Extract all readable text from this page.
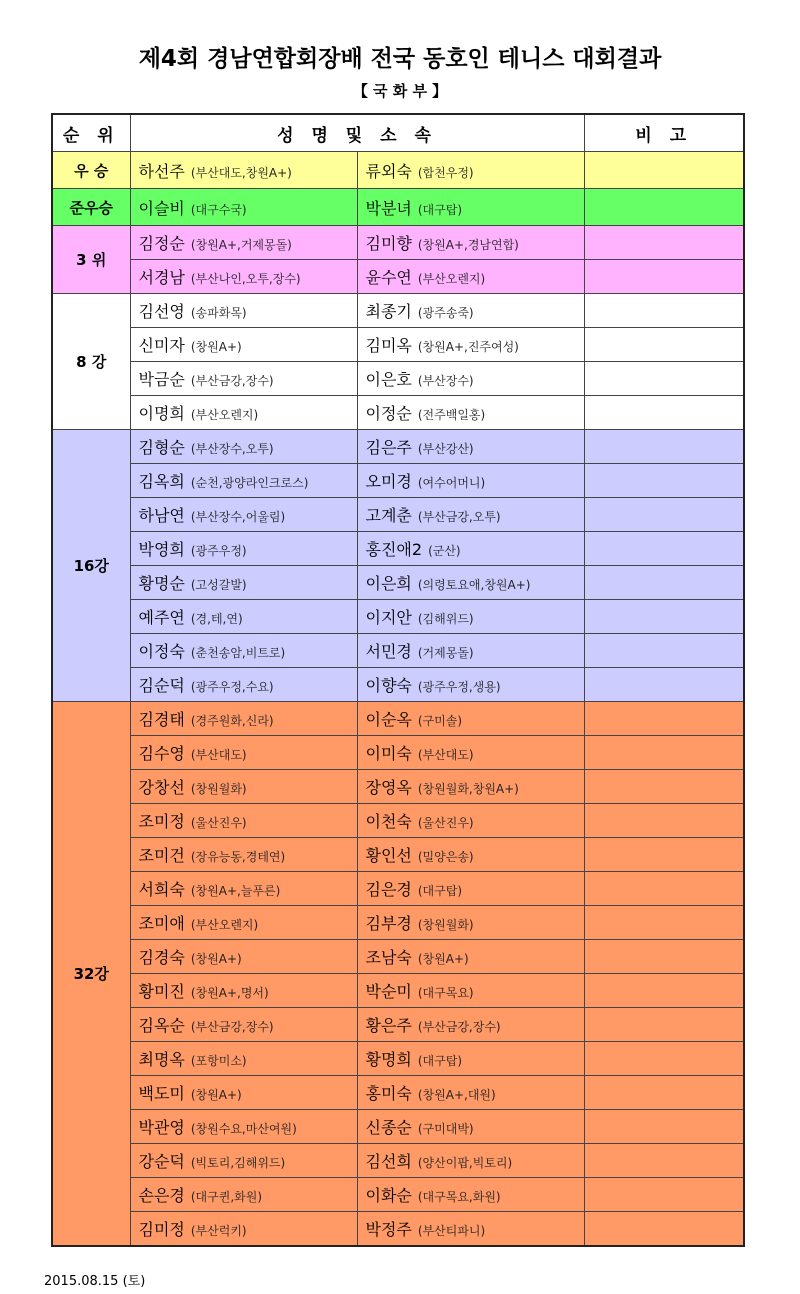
제4회 경남연합회장배 전국 동호인 테니스 대회결과
【 국 화 부 】
순 위	성 명 및 소 속		비 고
우 승	하선주 (부산대도,창원A+)	류외숙 (합천우정)	
준우승	이슬비 (대구수국)	박분녀 (대구탑)	
3 위	김정순 (창원A+,거제몽돌)	김미향 (창원A+,경남연합)	
	서경남 (부산나인,오투,장수)	윤수연 (부산오렌지)	
8 강	김선영 (송파화목)	최종기 (광주송죽)	
	신미자 (창원A+)	김미옥 (창원A+,진주여성)	
	박금순 (부산금강,장수)	이은호 (부산장수)	
	이명희 (부산오렌지)	이정순 (전주백일홍)	
16강	김형순 (부산장수,오투)	김은주 (부산강산)	
	김옥희 (순천,광양라인크로스)	오미경 (여수어머니)	
	하남연 (부산장수,어울림)	고계춘 (부산금강,오투)	
	박영희 (광주우정)	홍진애2 (군산)	
	황명순 (고성갈발)	이은희 (의령토요애,창원A+)	
	예주연 (경,테,연)	이지안 (김해위드)	
	이정숙 (춘천송암,비트로)	서민경 (거제몽돌)	
	김순덕 (광주우정,수요)	이향숙 (광주우정,생용)	
32강	김경태 (경주원화,신라)	이순옥 (구미솔)	
	김수영 (부산대도)	이미숙 (부산대도)	
	강창선 (창원월화)	장영옥 (창원월화,창원A+)	
	조미정 (울산진우)	이천숙 (울산진우)	
	조미건 (장유능동,경테연)	황인선 (밀양은송)	
	서희숙 (창원A+,늘푸른)	김은경 (대구탑)	
	조미애 (부산오렌지)	김부경 (창원월화)	
	김경숙 (창원A+)	조남숙 (창원A+)	
	황미진 (창원A+,명서)	박순미 (대구목요)	
	김옥순 (부산금강,장수)	황은주 (부산금강,장수)	
	최명옥 (포항미소)	황명희 (대구탑)	
	백도미 (창원A+)	홍미숙 (창원A+,대원)	
	박관영 (창원수요,마산여원)	신종순 (구미대박)	
	강순덕 (빅토리,김해위드)	김선희 (양산이팝,빅토리)	
	손은경 (대구퀸,화원)	이화순 (대구목요,화원)	
	김미정 (부산럭키)	박정주 (부산티파니)	
2015.08.15 (토)
